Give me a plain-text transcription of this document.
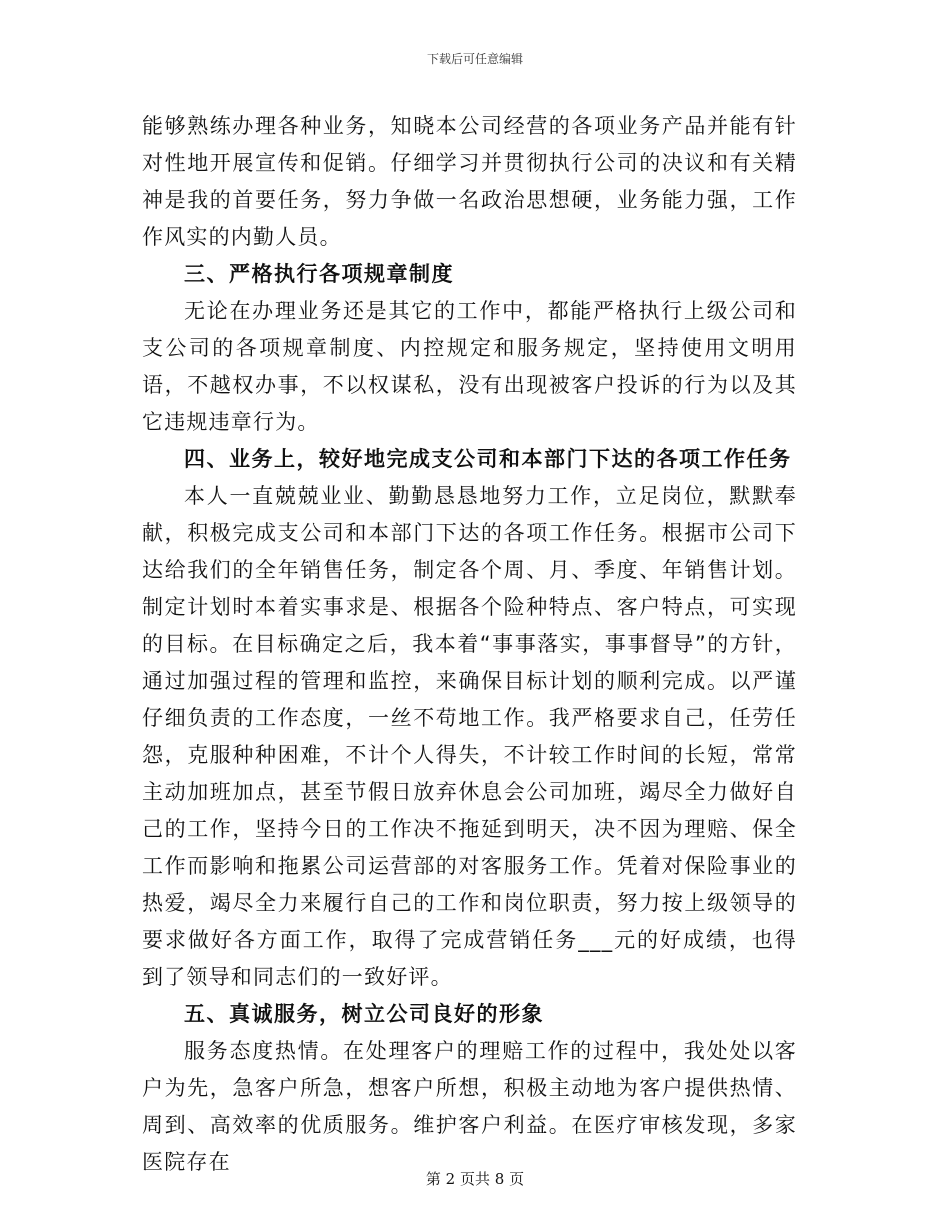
下载后可任意编辑

能够熟练办理各种业务，知晓本公司经营的各项业务产品并能有针对性地开展宣传和促销。仔细学习并贯彻执行公司的决议和有关精神是我的首要任务，努力争做一名政治思想硬，业务能力强，工作作风实的内勤人员。

三、严格执行各项规章制度

无论在办理业务还是其它的工作中，都能严格执行上级公司和支公司的各项规章制度、内控规定和服务规定，坚持使用文明用语，不越权办事，不以权谋私，没有出现被客户投诉的行为以及其它违规违章行为。

四、业务上，较好地完成支公司和本部门下达的各项工作任务

本人一直兢兢业业、勤勤恳恳地努力工作，立足岗位，默默奉献，积极完成支公司和本部门下达的各项工作任务。根据市公司下达给我们的全年销售任务，制定各个周、月、季度、年销售计划。制定计划时本着实事求是、根据各个险种特点、客户特点，可实现的目标。在目标确定之后，我本着“事事落实，事事督导”的方针，通过加强过程的管理和监控，来确保目标计划的顺利完成。以严谨仔细负责的工作态度，一丝不苟地工作。我严格要求自己，任劳任怨，克服种种困难，不计个人得失，不计较工作时间的长短，常常主动加班加点，甚至节假日放弃休息会公司加班，竭尽全力做好自己的工作，坚持今日的工作决不拖延到明天，决不因为理赔、保全工作而影响和拖累公司运营部的对客服务工作。凭着对保险事业的热爱，竭尽全力来履行自己的工作和岗位职责，努力按上级领导的要求做好各方面工作，取得了完成营销任务___元的好成绩，也得到了领导和同志们的一致好评。

五、真诚服务，树立公司良好的形象

服务态度热情。在处理客户的理赔工作的过程中，我处处以客户为先，急客户所急，想客户所想，积极主动地为客户提供热情、周到、高效率的优质服务。维护客户利益。在医疗审核发现，多家医院存在

第 2 页共 8 页
